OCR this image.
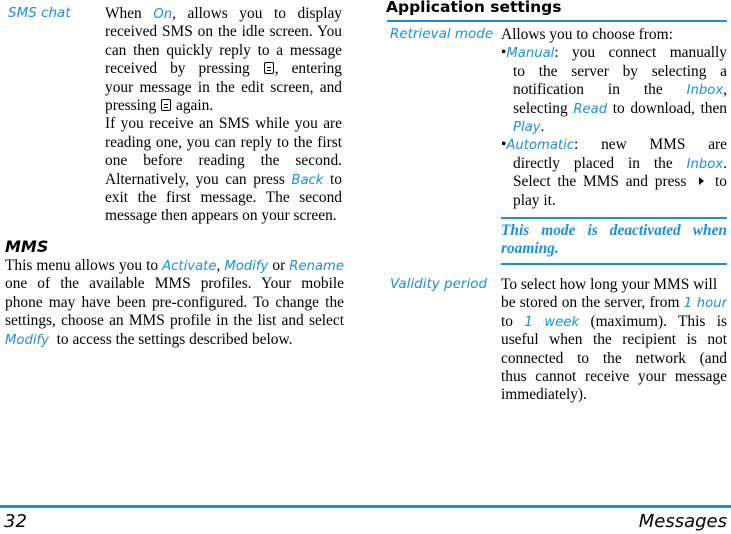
SMS chat When On, allows you to display
received SMS on the idle screen. You
can then quickly reply to a message
received by pressing , entering
your message in the edit screen, and
pressing again.
If you receive an SMS while you are
reading one, you can reply to the first
one before reading the second.
Alternatively, you can press Back to
exit the first message. The second
message then appears on your screen.
MMS
This menu allows you to Activate, Modify or Rename
one of the available MMS profiles. Your mobile
phone may have been pre-configured. To change the
settings, choose an MMS profile in the list and select
Modify to access the settings described below.
Application settings
Retrieval mode Allows you to choose from:
•Manual: you connect manually
to the server by selecting a
notification in the Inbox,
selecting Read to download, then
Play.
•Automatic: new MMS are
directly placed in the Inbox.
Select the MMS and press to
play it.
This mode is deactivated when
roaming.
Validity period To select how long your MMS will
be stored on the server, from 1 hour
to 1 week (maximum). This is
useful when the recipient is not
connected to the network (and
thus cannot receive your message
immediately).
32	Messages
